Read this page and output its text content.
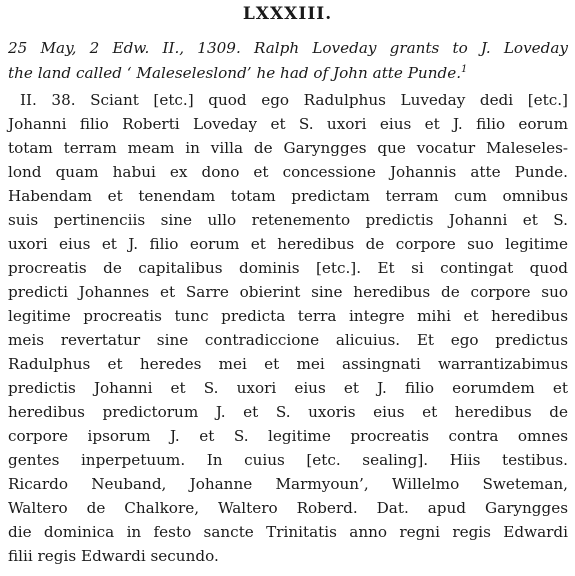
LXXXIII.
25 May, 2 Edw. II., 1309. Ralph Loveday grants to J. Loveday
the land called ‘ Maleseleslond’ he had of John atte Punde.$^1$
II. 38. Sciant [etc.] quod ego Radulphus Luveday dedi [etc.]
Johanni filio Roberti Loveday et S. uxori eius et J. filio eorum
totam terram meam in villa de Garyngges que vocatur Maleseles-
lond quam habui ex dono et concessione Johannis atte Punde.
Habendam et tenendam totam predictam terram cum omnibus
suis pertinenciis sine ullo retenemento predictis Johanni et S.
uxori eius et J. filio eorum et heredibus de corpore suo legitime
procreatis de capitalibus dominis [etc.]. Et si contingat quod
predicti Johannes et Sarre obierint sine heredibus de corpore suo
legitime procreatis tunc predicta terra integre mihi et heredibus
meis revertatur sine contradiccione alicuius. Et ego predictus
Radulphus et heredes mei et mei assingnati warrantizabimus
predictis Johanni et S. uxori eius et J. filio eorumdem et
heredibus predictorum J. et S. uxoris eius et heredibus de
corpore ipsorum J. et S. legitime procreatis contra omnes
gentes inperpetuum. In cuius [etc. sealing]. Hiis testibus.
Ricardo Neuband, Johanne Marmyoun’, Willelmo Sweteman,
Waltero de Chalkore, Waltero Roberd. Dat. apud Garyngges
die dominica in festo sancte Trinitatis anno regni regis Edwardi
filii regis Edwardi secundo.
